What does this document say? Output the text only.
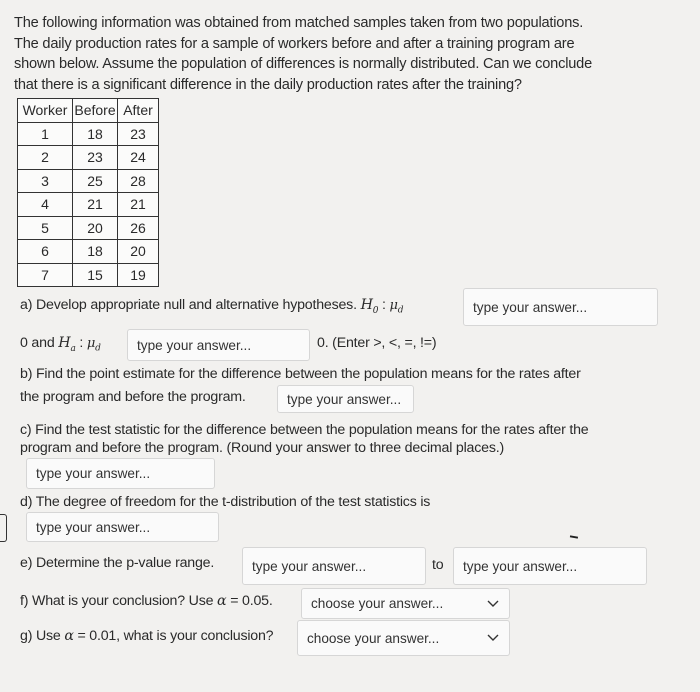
The following information was obtained from matched samples taken from two populations.
The daily production rates for a sample of workers before and after a training program are
shown below. Assume the population of differences is normally distributed. Can we conclude
that there is a significant difference in the daily production rates after the training?
Worker	Before	After
1	18	23
2	23	24
3	25	28
4	21	21
5	20	26
6	18	20
7	15	19
a) Develop appropriate null and alternative hypotheses. $H_0$ : $\mu_d$	type your answer...
0 and $H_a$ : $\mu_d$	type your answer...	0. (Enter >, <, =, !=)
b) Find the point estimate for the difference between the population means for the rates after
the program and before the program.	type your answer...
c) Find the test statistic for the difference between the population means for the rates after the
program and before the program. (Round your answer to three decimal places.)
type your answer...
d) The degree of freedom for the t-distribution of the test statistics is
type your answer...
e) Determine the p-value range.	type your answer...	to type your answer...
f) What is your conclusion? Use α = 0.05.	choose your answer...
g) Use α = 0.01, what is your conclusion? choose your answer...
